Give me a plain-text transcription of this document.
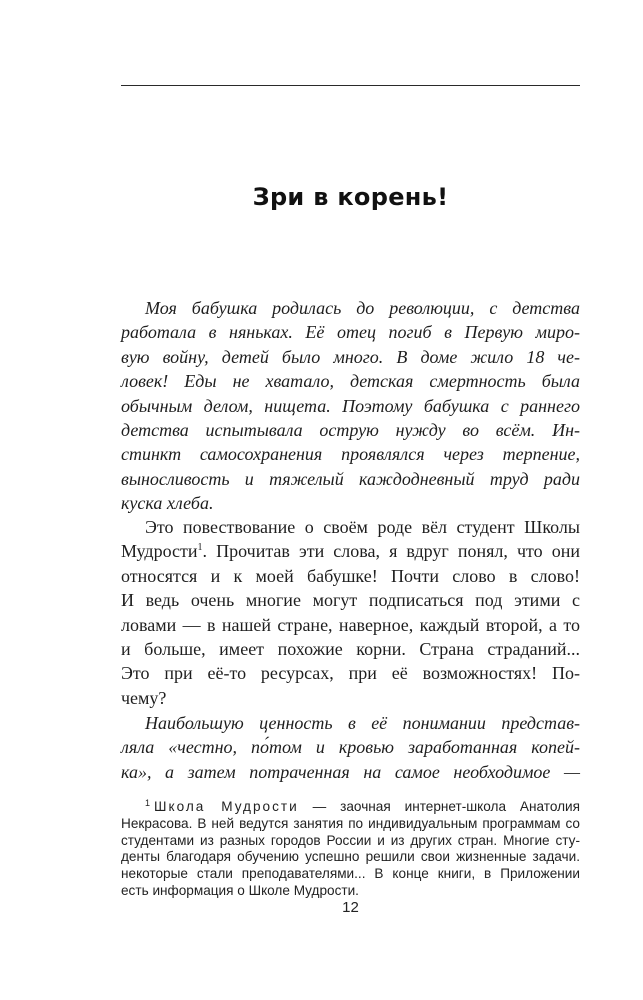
Зри в корень!
Моя бабушка родилась до революции, с детства
работала в няньках. Её отец погиб в Первую миро-
вую войну, детей было много. В доме жило 18 че-
ловек! Еды не хватало, детская смертность была
обычным делом, нищета. Поэтому бабушка с раннего
детства испытывала острую нужду во всём. Ин-
стинкт самосохранения проявлялся через терпение,
выносливость и тяжелый каждодневный труд ради
куска хлеба.
Это повествование о своём роде вёл студент Школы
Мудрости$^1$. Прочитав эти слова, я вдруг понял, что они
относятся и к моей бабушке! Почти слово в слово!
И ведь очень многие могут подписаться под этими с
ловами — в нашей стране, наверное, каждый второй, а то
и больше, имеет похожие корни. Страна страданий...
Это при её-то ресурсах, при её возможностях! По-
чему?
Наибольшую ценность в её понимании представ-
ляла «честно, по́том и кровью заработанная копей-
ка», а затем потраченная на самое необходимое —
$^1$ Школа Мудрости — заочная интернет-школа Анатолия
Некрасова. В ней ведутся занятия по индивидуальным программам со
студентами из разных городов России и из других стран. Многие сту-
денты благодаря обучению успешно решили свои жизненные задачи.
некоторые стали преподавателями... В конце книги, в Приложении
есть информация о Школе Мудрости.
12
